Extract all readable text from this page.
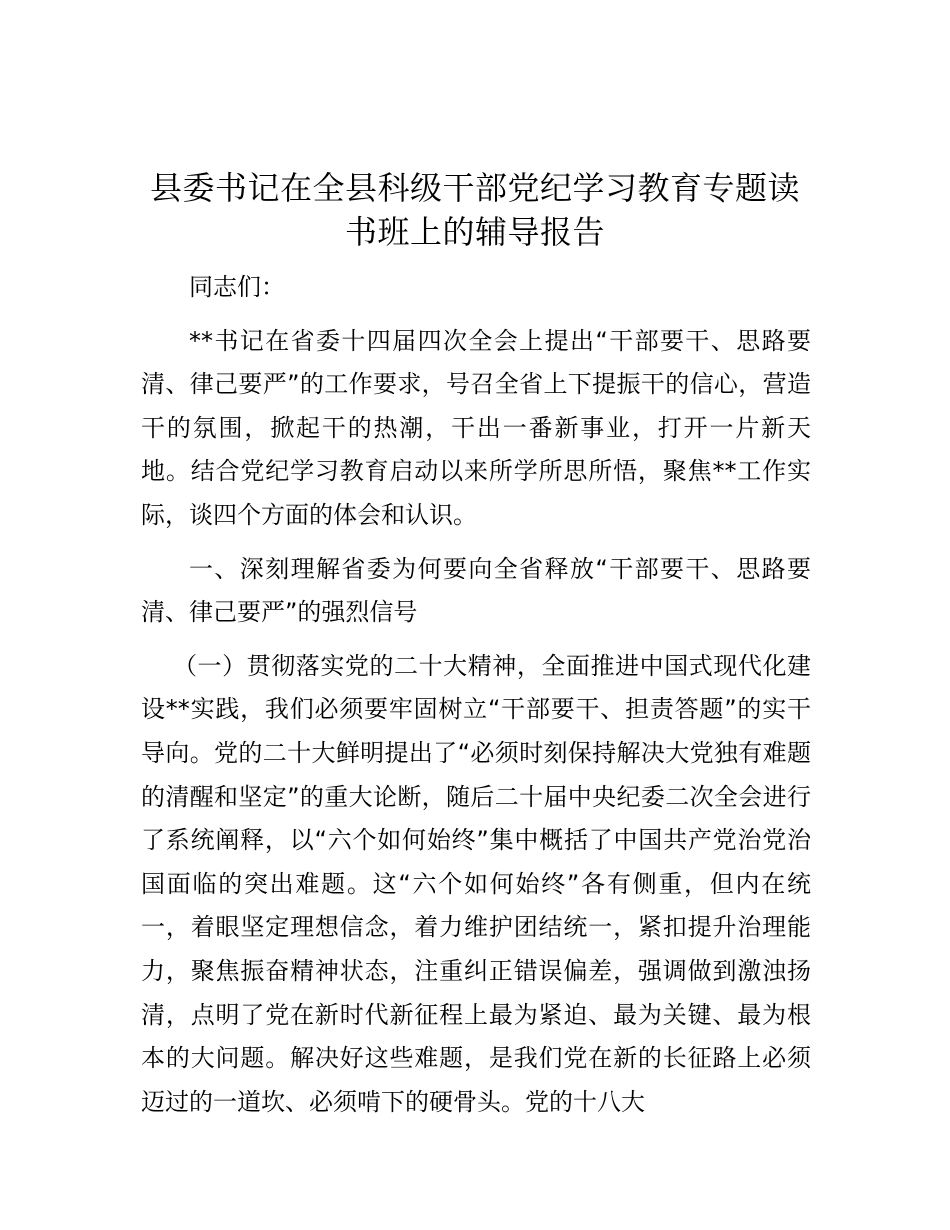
县委书记在全县科级干部党纪学习教育专题读
书班上的辅导报告

同志们：

**书记在省委十四届四次全会上提出“干部要干、思路要清、律己要严”的工作要求，号召全省上下提振干的信心，营造干的氛围，掀起干的热潮，干出一番新事业，打开一片新天地。结合党纪学习教育启动以来所学所思所悟，聚焦**工作实际，谈四个方面的体会和认识。

一、深刻理解省委为何要向全省释放“干部要干、思路要清、律己要严”的强烈信号

（一）贯彻落实党的二十大精神，全面推进中国式现代化建设**实践，我们必须要牢固树立“干部要干、担责答题”的实干导向。党的二十大鲜明提出了“必须时刻保持解决大党独有难题的清醒和坚定”的重大论断，随后二十届中央纪委二次全会进行了系统阐释，以“六个如何始终”集中概括了中国共产党治党治国面临的突出难题。这“六个如何始终”各有侧重，但内在统一，着眼坚定理想信念，着力维护团结统一，紧扣提升治理能力，聚焦振奋精神状态，注重纠正错误偏差，强调做到激浊扬清，点明了党在新时代新征程上最为紧迫、最为关键、最为根本的大问题。解决好这些难题，是我们党在新的长征路上必须迈过的一道坎、必须啃下的硬骨头。党的十八大
